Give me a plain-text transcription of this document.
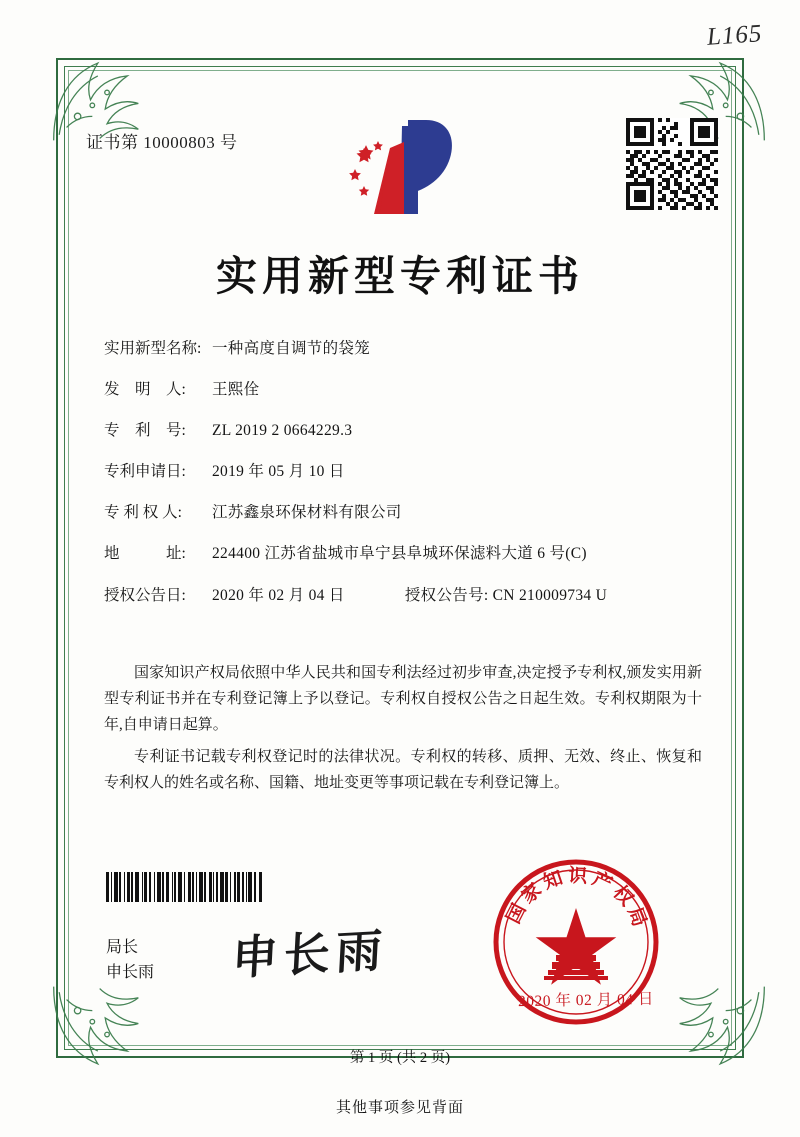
L165
证书第 10000803 号
实用新型专利证书
实用新型名称: 一种高度自调节的袋笼
发　明　人:	王熙佺
专　利　号:	ZL 2019 2 0664229.3
专利申请日:	2019 年 05 月 10 日
专 利 权 人:	江苏鑫泉环保材料有限公司
地　　　址:	224400 江苏省盐城市阜宁县阜城环保滤料大道 6 号(C)
授权公告日:	2020 年 02 月 04 日	授权公告号: CN 210009734 U

国家知识产权局依照中华人民共和国专利法经过初步审查,决定授予专利权,颁发实用新型专利证书并在专利登记簿上予以登记。专利权自授权公告之日起生效。专利权期限为十年,自申请日起算。

专利证书记载专利权登记时的法律状况。专利权的转移、质押、无效、终止、恢复和专利权人的姓名或名称、国籍、地址变更等事项记载在专利登记簿上。

局长
申长雨 申长雨
国家知识产权局
2020 年 02 月 04 日
第 1 页 (共 2 页)
其他事项参见背面
